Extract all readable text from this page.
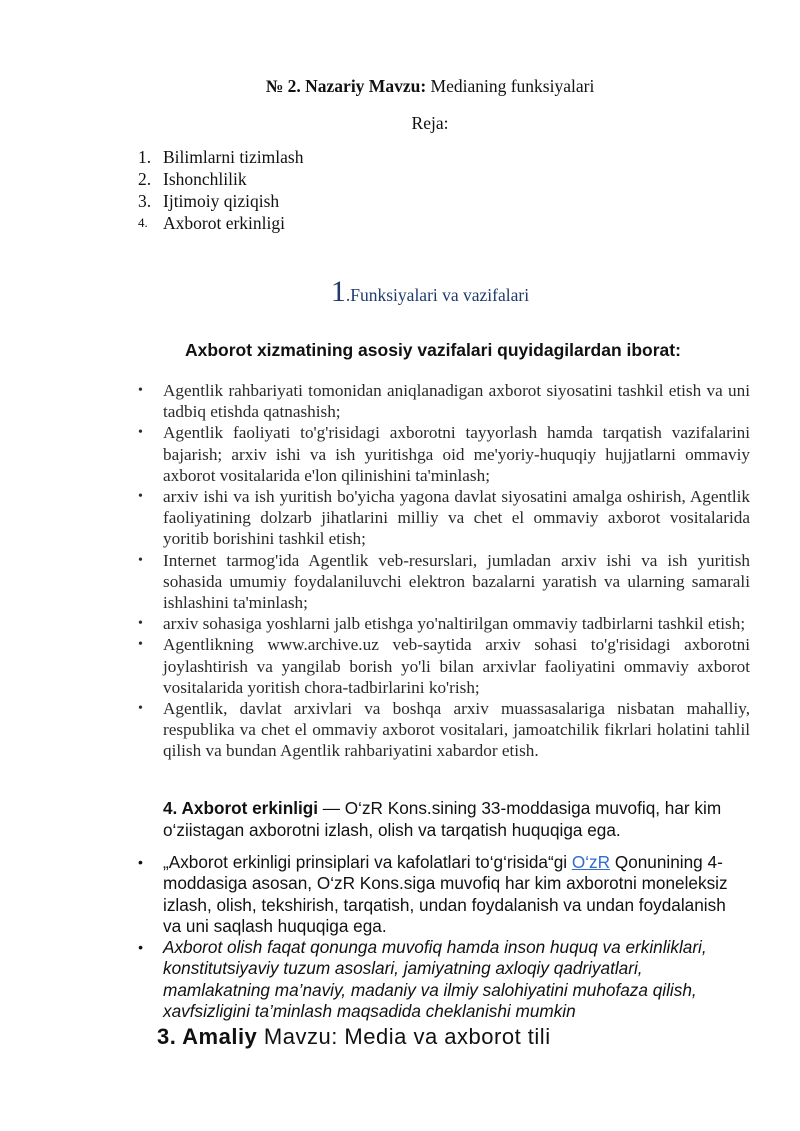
№ 2. Nazariy Mavzu: Medianing funksiyalari
Reja:
1. Bilimlarni tizimlash
2. Ishonchlilik
3. Ijtimoiy qiziqish
4. Axborot erkinligi
1.Funksiyalari va vazifalari
Axborot xizmatining asosiy vazifalari quyidagilardan iborat:
• Agentlik rahbariyati tomonidan aniqlanadigan axborot siyosatini tashkil etish va uni tadbiq etishda qatnashish;
• Agentlik faoliyati to'g'risidagi axborotni tayyorlash hamda tarqatish vazifalarini bajarish; arxiv ishi va ish yuritishga oid me'yoriy-huquqiy hujjatlarni ommaviy axborot vositalarida e'lon qilinishini ta'minlash;
• arxiv ishi va ish yuritish bo'yicha yagona davlat siyosatini amalga oshirish, Agentlik faoliyatining dolzarb jihatlarini milliy va chet el ommaviy axborot vositalarida yoritib borishini tashkil etish;
• Internet tarmog'ida Agentlik veb-resurslari, jumladan arxiv ishi va ish yuritish sohasida umumiy foydalaniluvchi elektron bazalarni yaratish va ularning samarali ishlashini ta'minlash;
• arxiv sohasiga yoshlarni jalb etishga yo'naltirilgan ommaviy tadbirlarni tashkil etish;
• Agentlikning www.archive.uz veb-saytida arxiv sohasi to'g'risidagi axborotni joylashtirish va yangilab borish yo'li bilan arxivlar faoliyatini ommaviy axborot vositalarida yoritish chora-tadbirlarini ko'rish;
• Agentlik, davlat arxivlari va boshqa arxiv muassasalariga nisbatan mahalliy, respublika va chet el ommaviy axborot vositalari, jamoatchilik fikrlari holatini tahlil qilish va bundan Agentlik rahbariyatini xabardor etish.
4. Axborot erkinligi — O‘zR Kons.sining 33-moddasiga muvofiq, har kim o‘ziistagan axborotni izlash, olish va tarqatish huquqiga ega.
• „Axborot erkinligi prinsiplari va kafolatlari to‘g‘risida“gi O‘zR Qonunining 4-moddasiga asosan, O‘zR Kons.siga muvofiq har kim axborotni moneleksiz izlash, olish, tekshirish, tarqatish, undan foydalanish va undan foydalanish va uni saqlash huquqiga ega.
• Axborot olish faqat qonunga muvofiq hamda inson huquq va erkinliklari, konstitutsiyaviy tuzum asoslari, jamiyatning axloqiy qadriyatlari, mamlakatning ma’naviy, madaniy va ilmiy salohiyatini muhofaza qilish, xavfsizligini ta’minlash maqsadida cheklanishi mumkin
3. Amaliy Mavzu: Media va axborot tili
